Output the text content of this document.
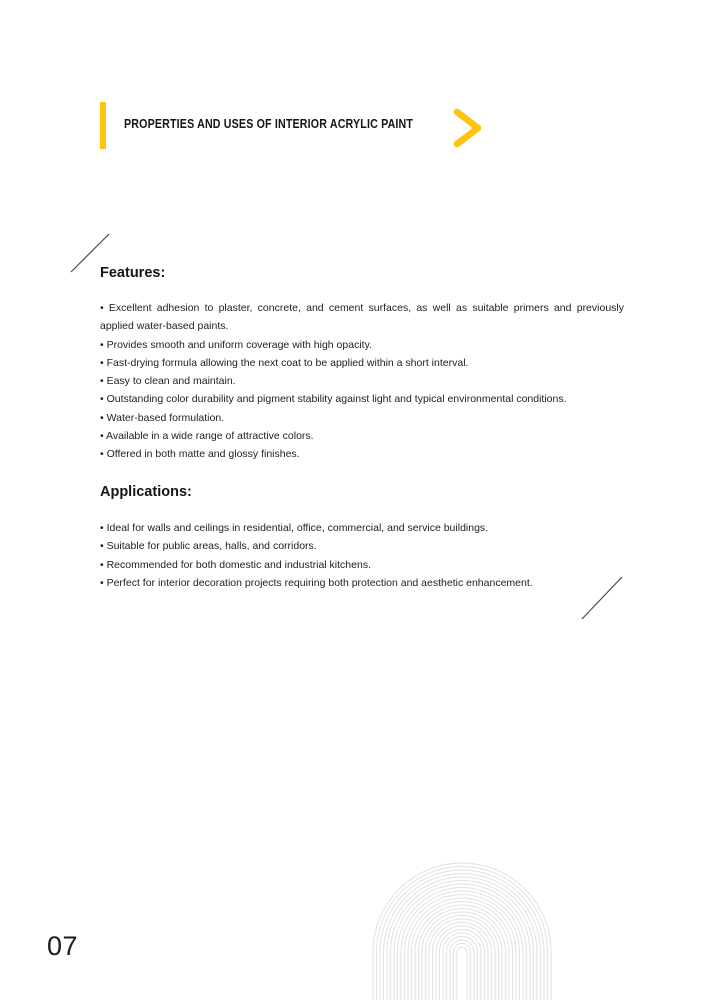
PROPERTIES AND USES OF INTERIOR ACRYLIC PAINT
Features:
• Excellent adhesion to plaster, concrete, and cement surfaces, as well as suitable primers and previously applied water-based paints.
• Provides smooth and uniform coverage with high opacity.
• Fast-drying formula allowing the next coat to be applied within a short interval.
• Easy to clean and maintain.
• Outstanding color durability and pigment stability against light and typical environmental conditions.
• Water-based formulation.
• Available in a wide range of attractive colors.
• Offered in both matte and glossy finishes.
Applications:
• Ideal for walls and ceilings in residential, office, commercial, and service buildings.
• Suitable for public areas, halls, and corridors.
• Recommended for both domestic and industrial kitchens.
• Perfect for interior decoration projects requiring both protection and aesthetic enhancement.
07
